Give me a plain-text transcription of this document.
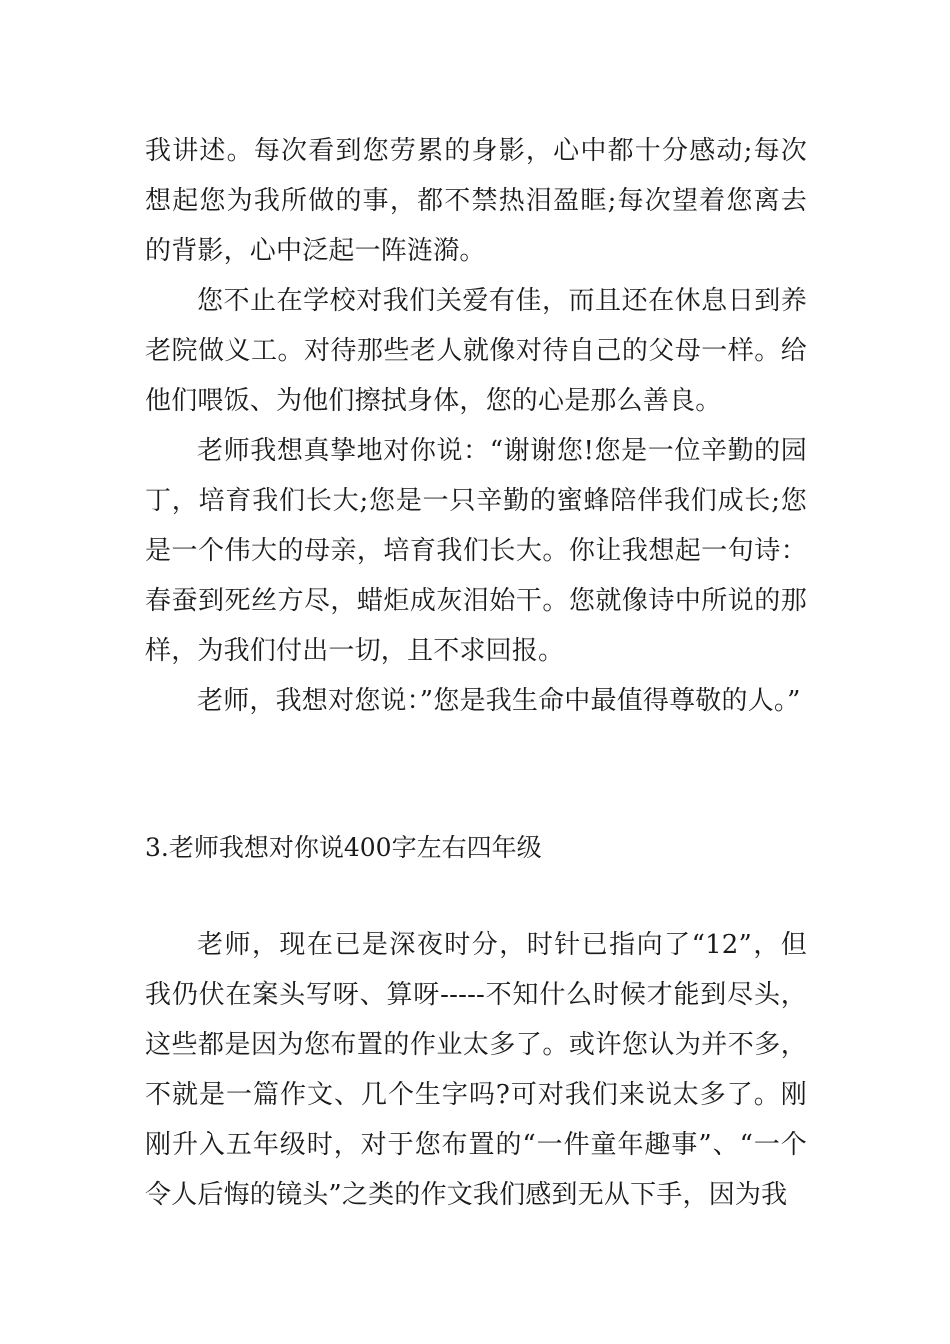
我讲述。每次看到您劳累的身影，心中都十分感动;每次想起您为我所做的事，都不禁热泪盈眶;每次望着您离去的背影，心中泛起一阵涟漪。

您不止在学校对我们关爱有佳，而且还在休息日到养老院做义工。对待那些老人就像对待自己的父母一样。给他们喂饭、为他们擦拭身体，您的心是那么善良。

老师我想真挚地对你说：“谢谢您!您是一位辛勤的园丁，培育我们长大;您是一只辛勤的蜜蜂陪伴我们成长;您是一个伟大的母亲，培育我们长大。你让我想起一句诗：春蚕到死丝方尽，蜡炬成灰泪始干。您就像诗中所说的那样，为我们付出一切，且不求回报。

老师，我想对您说：”您是我生命中最值得尊敬的人。”

3.老师我想对你说400字左右四年级

老师，现在已是深夜时分，时针已指向了“12”，但我仍伏在案头写呀、算呀-----不知什么时候才能到尽头，这些都是因为您布置的作业太多了。或许您认为并不多，不就是一篇作文、几个生字吗?可对我们来说太多了。刚刚升入五年级时，对于您布置的“一件童年趣事”、“一个令人后悔的镜头”之类的作文我们感到无从下手，因为我
